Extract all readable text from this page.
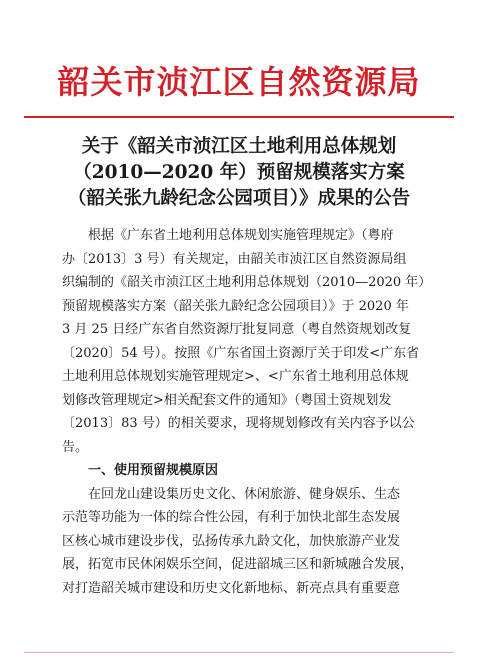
韶关市浈江区自然资源局
关于《韶关市浈江区土地利用总体规划
（2010—2020 年）预留规模落实方案
（韶关张九龄纪念公园项目）》成果的公告
根据《广东省土地利用总体规划实施管理规定》（粤府
办〔2013〕3 号）有关规定，由韶关市浈江区自然资源局组
织编制的《韶关市浈江区土地利用总体规划（2010—2020 年）
预留规模落实方案（韶关张九龄纪念公园项目）》于 2020 年
3 月 25 日经广东省自然资源厅批复同意（粤自然资规划改复
〔2020〕54 号）。按照《广东省国土资源厅关于印发<广东省
土地利用总体规划实施管理规定>、<广东省土地利用总体规
划修改管理规定>相关配套文件的通知》（粤国土资规划发
〔2013〕83 号）的相关要求，现将规划修改有关内容予以公
告。
一、使用预留规模原因
在回龙山建设集历史文化、休闲旅游、健身娱乐、生态
示范等功能为一体的综合性公园，有利于加快北部生态发展
区核心城市建设步伐，弘扬传承九龄文化，加快旅游产业发
展，拓宽市民休闲娱乐空间，促进韶城三区和新城融合发展，
对打造韶关城市建设和历史文化新地标、新亮点具有重要意
